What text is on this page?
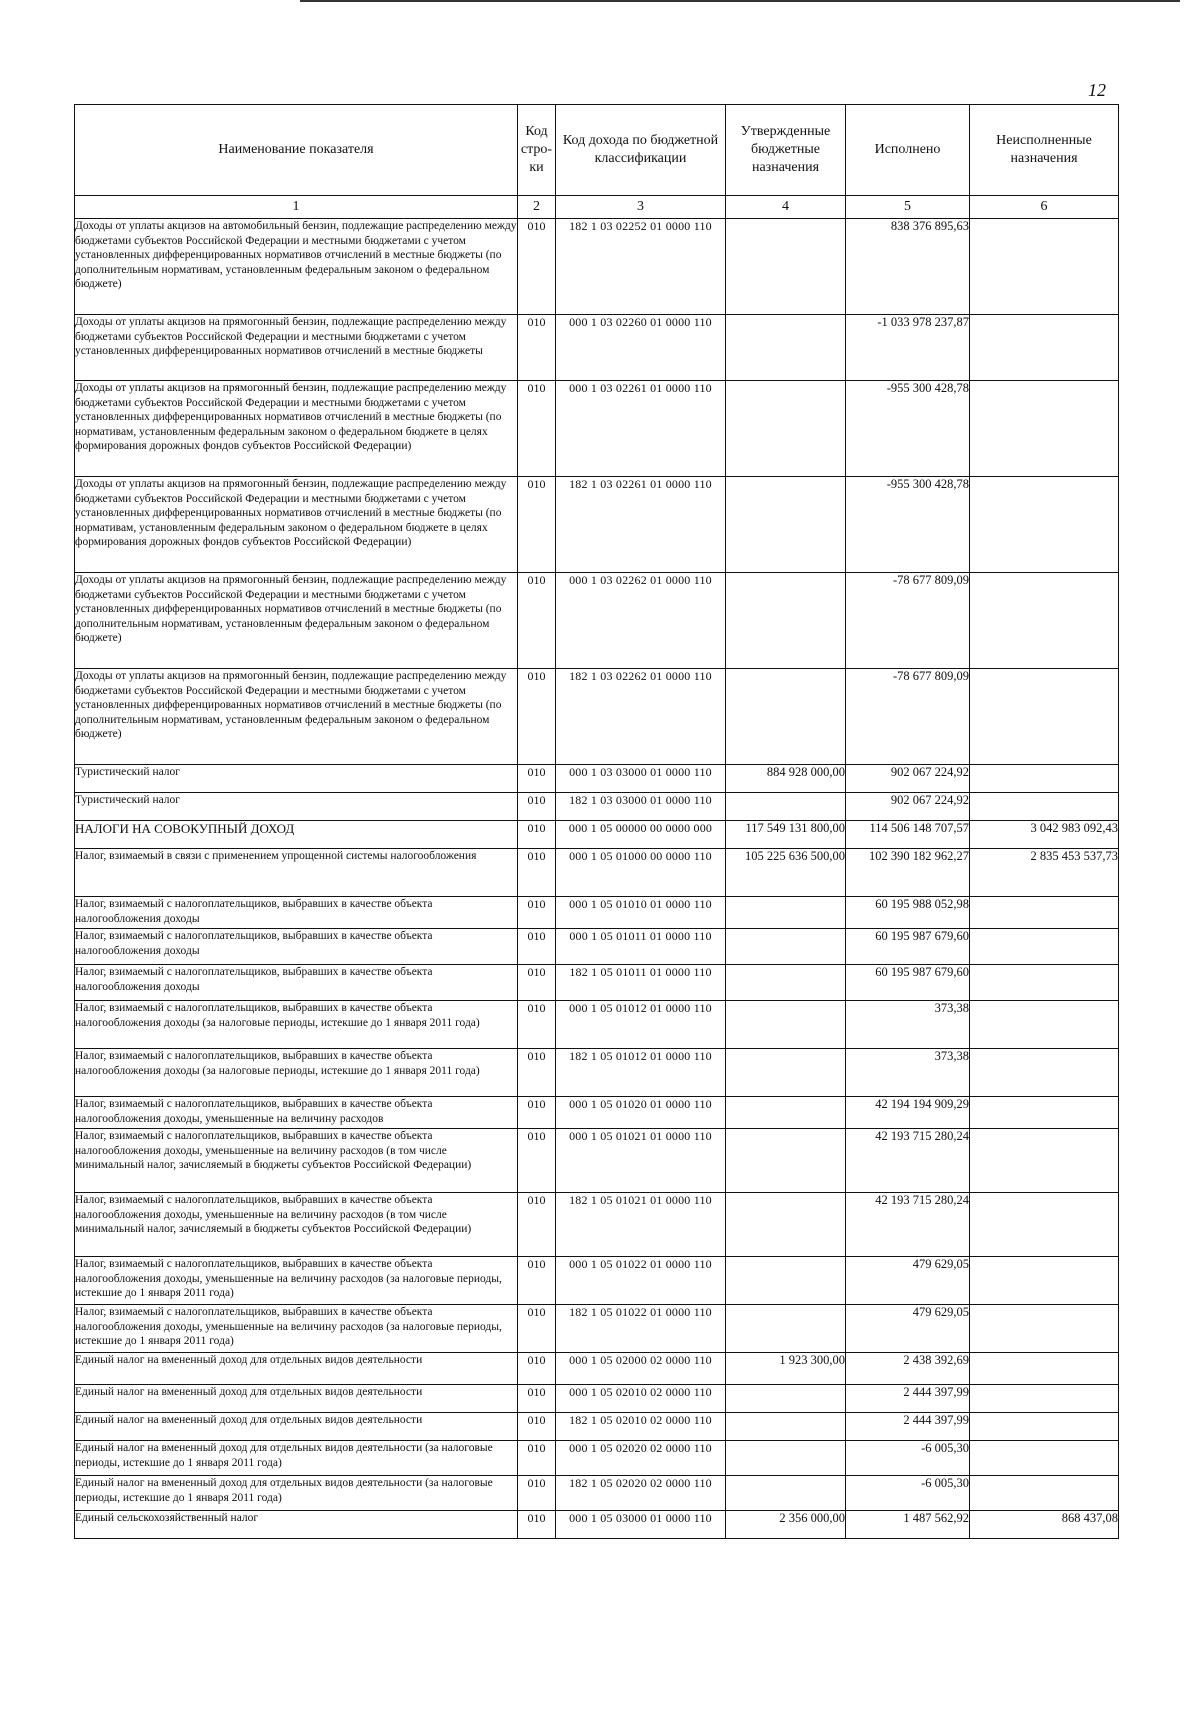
12
Наименование показателя	Код стро- ки	Код дохода по бюджетной классификации	Утвержденные бюджетные назначения	Исполнено	Неисполненные назначения
1	2	3	4	5	6
Доходы от уплаты акцизов на автомобильный бензин, подлежащие распределению между бюджетами субъектов Российской Федерации и местными бюджетами с учетом установленных дифференцированных нормативов отчислений в местные бюджеты (по дополнительным нормативам, установленным федеральным законом о федеральном бюджете)	010	182 1 03 02252 01 0000 110		838 376 895,63	
Доходы от уплаты акцизов на прямогонный бензин, подлежащие распределению между бюджетами субъектов Российской Федерации и местными бюджетами с учетом установленных дифференцированных нормативов отчислений в местные бюджеты	010	000 1 03 02260 01 0000 110		-1 033 978 237,87	
Доходы от уплаты акцизов на прямогонный бензин, подлежащие распределению между бюджетами субъектов Российской Федерации и местными бюджетами с учетом установленных дифференцированных нормативов отчислений в местные бюджеты (по нормативам, установленным федеральным законом о федеральном бюджете в целях формирования дорожных фондов субъектов Российской Федерации)	010	000 1 03 02261 01 0000 110		-955 300 428,78	
Доходы от уплаты акцизов на прямогонный бензин, подлежащие распределению между бюджетами субъектов Российской Федерации и местными бюджетами с учетом установленных дифференцированных нормативов отчислений в местные бюджеты (по нормативам, установленным федеральным законом о федеральном бюджете в целях формирования дорожных фондов субъектов Российской Федерации)	010	182 1 03 02261 01 0000 110		-955 300 428,78	
Доходы от уплаты акцизов на прямогонный бензин, подлежащие распределению между бюджетами субъектов Российской Федерации и местными бюджетами с учетом установленных дифференцированных нормативов отчислений в местные бюджеты (по дополнительным нормативам, установленным федеральным законом о федеральном бюджете)	010	000 1 03 02262 01 0000 110		-78 677 809,09	
Доходы от уплаты акцизов на прямогонный бензин, подлежащие распределению между бюджетами субъектов Российской Федерации и местными бюджетами с учетом установленных дифференцированных нормативов отчислений в местные бюджеты (по дополнительным нормативам, установленным федеральным законом о федеральном бюджете)	010	182 1 03 02262 01 0000 110		-78 677 809,09	
Туристический налог	010	000 1 03 03000 01 0000 110	884 928 000,00	902 067 224,92	
Туристический налог	010	182 1 03 03000 01 0000 110		902 067 224,92	
НАЛОГИ НА СОВОКУПНЫЙ ДОХОД	010	000 1 05 00000 00 0000 000	117 549 131 800,00	114 506 148 707,57	3 042 983 092,43
Налог, взимаемый в связи с применением упрощенной системы налогообложения	010	000 1 05 01000 00 0000 110	105 225 636 500,00	102 390 182 962,27	2 835 453 537,73
Налог, взимаемый с налогоплательщиков, выбравших в качестве объекта налогообложения доходы	010	000 1 05 01010 01 0000 110		60 195 988 052,98	
Налог, взимаемый с налогоплательщиков, выбравших в качестве объекта налогообложения доходы	010	000 1 05 01011 01 0000 110		60 195 987 679,60	
Налог, взимаемый с налогоплательщиков, выбравших в качестве объекта налогообложения доходы	010	182 1 05 01011 01 0000 110		60 195 987 679,60	
Налог, взимаемый с налогоплательщиков, выбравших в качестве объекта налогообложения доходы (за налоговые периоды, истекшие до 1 января 2011 года)	010	000 1 05 01012 01 0000 110		373,38	
Налог, взимаемый с налогоплательщиков, выбравших в качестве объекта налогообложения доходы (за налоговые периоды, истекшие до 1 января 2011 года)	010	182 1 05 01012 01 0000 110		373,38	
Налог, взимаемый с налогоплательщиков, выбравших в качестве объекта налогообложения доходы, уменьшенные на величину расходов	010	000 1 05 01020 01 0000 110		42 194 194 909,29	
Налог, взимаемый с налогоплательщиков, выбравших в качестве объекта налогообложения доходы, уменьшенные на величину расходов (в том числе минимальный налог, зачисляемый в бюджеты субъектов Российской Федерации)	010	000 1 05 01021 01 0000 110		42 193 715 280,24	
Налог, взимаемый с налогоплательщиков, выбравших в качестве объекта налогообложения доходы, уменьшенные на величину расходов (в том числе минимальный налог, зачисляемый в бюджеты субъектов Российской Федерации)	010	182 1 05 01021 01 0000 110		42 193 715 280,24	
Налог, взимаемый с налогоплательщиков, выбравших в качестве объекта налогообложения доходы, уменьшенные на величину расходов (за налоговые периоды, истекшие до 1 января 2011 года)	010	000 1 05 01022 01 0000 110		479 629,05	
Налог, взимаемый с налогоплательщиков, выбравших в качестве объекта налогообложения доходы, уменьшенные на величину расходов (за налоговые периоды, истекшие до 1 января 2011 года)	010	182 1 05 01022 01 0000 110		479 629,05	
Единый налог на вмененный доход для отдельных видов деятельности	010	000 1 05 02000 02 0000 110	1 923 300,00	2 438 392,69	
Единый налог на вмененный доход для отдельных видов деятельности	010	000 1 05 02010 02 0000 110		2 444 397,99	
Единый налог на вмененный доход для отдельных видов деятельности	010	182 1 05 02010 02 0000 110		2 444 397,99	
Единый налог на вмененный доход для отдельных видов деятельности (за налоговые периоды, истекшие до 1 января 2011 года)	010	000 1 05 02020 02 0000 110		-6 005,30	
Единый налог на вмененный доход для отдельных видов деятельности (за налоговые периоды, истекшие до 1 января 2011 года)	010	182 1 05 02020 02 0000 110		-6 005,30	
Единый сельскохозяйственный налог	010	000 1 05 03000 01 0000 110	2 356 000,00	1 487 562,92	868 437,08
